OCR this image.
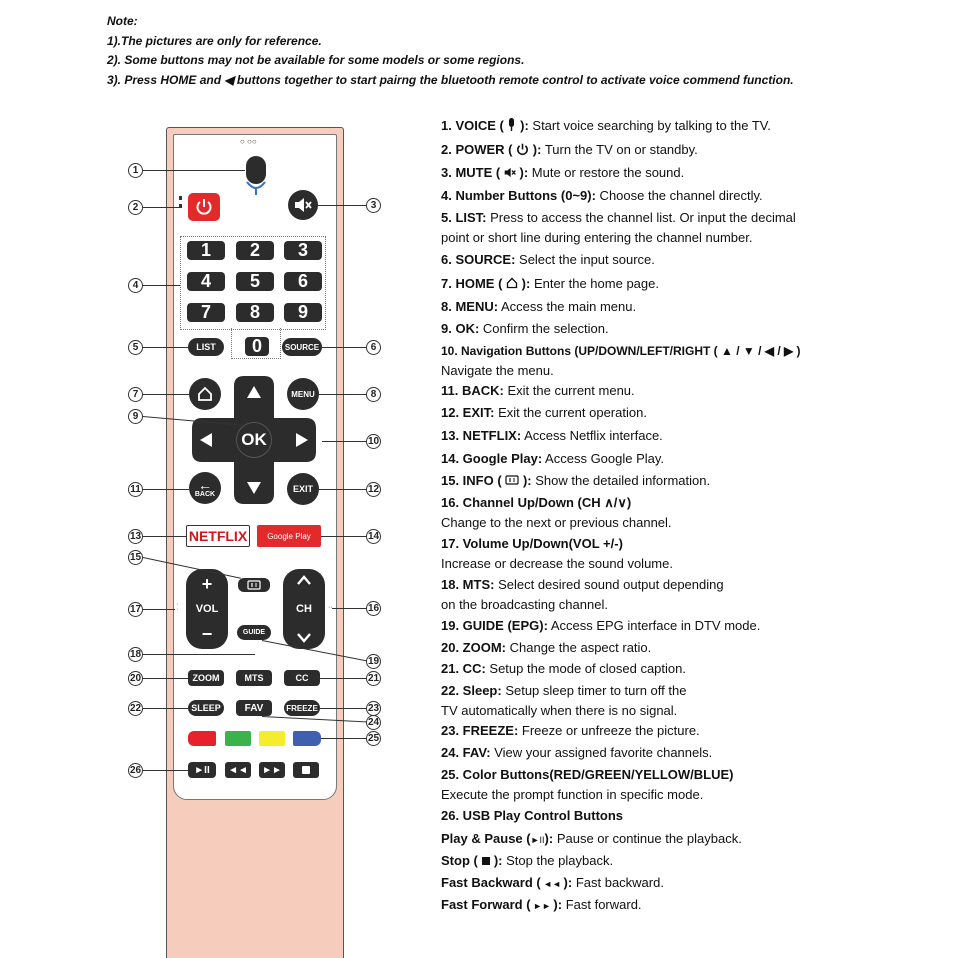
Note:
1).The pictures are only for reference.
2). Some buttons may not be available for some models or some regions.
3). Press HOME and ◀ buttons together to start pairng the bluetooth remote control to activate voice commend function.
○ ○○
1	2	3
4	5	6
7	8	9
0
LIST	SOURCE
MENU
OK
←
BACK	EXIT
NETFLIX	Google Play
+
VOL
−
·
·	CH ··
GUIDE
ZOOM	MTS	CC
SLEEP	FAV	FREEZE
►II ◄◄ ►►
1
2	3
4
5	6
7	8
9
10
11	12
13	14
15
16
17
18
19
20	21
22	23
24
25
26
1. VOICE ( ): Start voice searching by talking to the TV.
2. POWER ( ): Turn the TV on or standby.
3. MUTE ( ): Mute or restore the sound.
4. Number Buttons (0~9): Choose the channel directly.
5. LIST: Press to access the channel list. Or input the decimal
point or short line during entering the channel number.
6. SOURCE: Select the input source.
7. HOME ( ): Enter the home page.
8. MENU: Access the main menu.
9. OK: Confirm the selection.
10. Navigation Buttons (UP/DOWN/LEFT/RIGHT ( ▲ / ▼ / ◀ / ▶ )
Navigate the menu.
11. BACK: Exit the current menu.
12. EXIT: Exit the current operation.
13. NETFLIX: Access Netflix interface.
14. Google Play: Access Google Play.
15. INFO ( ): Show the detailed information.
16. Channel Up/Down (CH ∧/∨)
Change to the next or previous channel.
17. Volume Up/Down(VOL +/-)
Increase or decrease the sound volume.
18. MTS: Select desired sound output depending
on the broadcasting channel.
19. GUIDE (EPG): Access EPG interface in DTV mode.
20. ZOOM: Change the aspect ratio.
21. CC: Setup the mode of closed caption.
22. Sleep: Setup sleep timer to turn off the
TV automatically when there is no signal.
23. FREEZE: Freeze or unfreeze the picture.
24. FAV: View your assigned favorite channels.
25. Color Buttons(RED/GREEN/YELLOW/BLUE)
Execute the prompt function in specific mode.
26. USB Play Control Buttons
Play & Pause (►II): Pause or continue the playback.
Stop ( ): Stop the playback.
Fast Backward ( ◄◄ ): Fast backward.
Fast Forward ( ►► ): Fast forward.
